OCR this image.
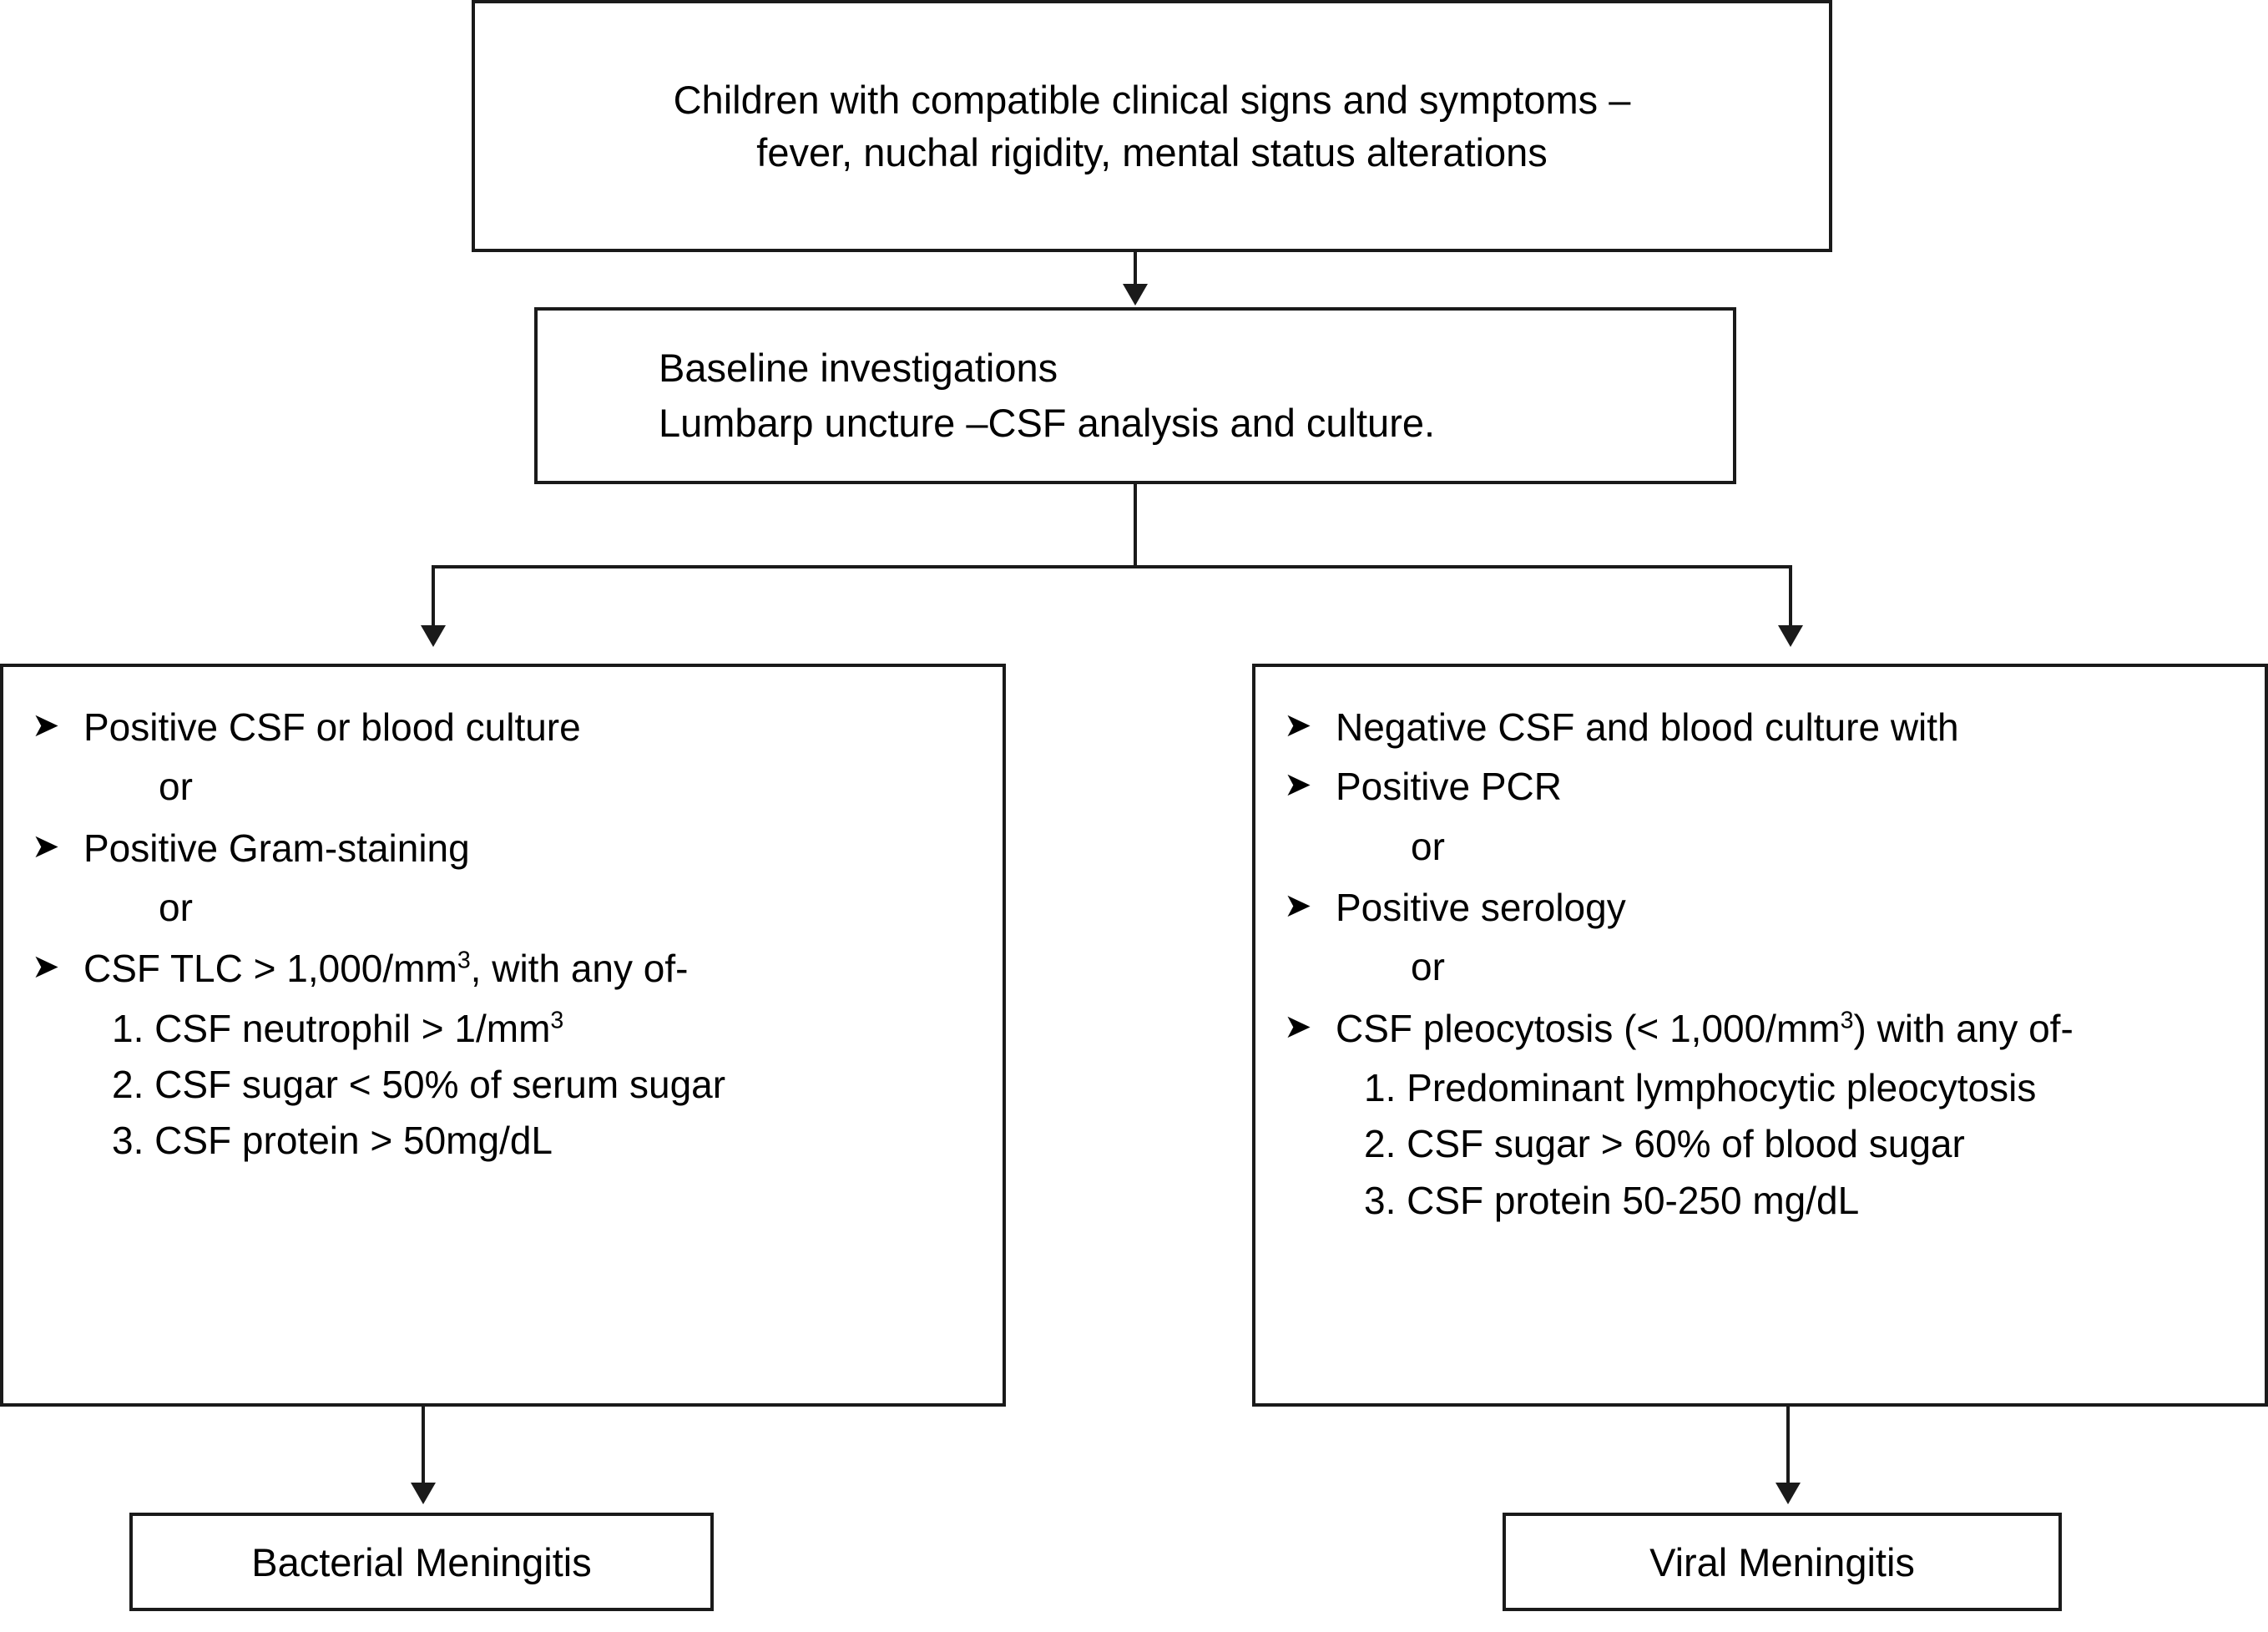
Children with compatible clinical signs and symptoms –
fever, nuchal rigidity, mental status alterations
Baseline investigations
Lumbarp uncture –CSF analysis and culture.
➤ Positive CSF or blood culture
or
➤ Positive Gram-staining
or
➤ CSF TLC > $1,000/mm^3$, with any of-
1. CSF neutrophil > $1/mm^3$
2. CSF sugar < 50% of serum sugar
3. CSF protein > 50mg/dL
➤ Negative CSF and blood culture with
➤ Positive PCR
or
➤ Positive serology
or
➤ CSF pleocytosis (< $1,000/mm^3$) with any of-
1. Predominant lymphocytic pleocytosis
2. CSF sugar > 60% of blood sugar
3. CSF protein 50-250 mg/dL
Bacterial Meningitis	Viral Meningitis
